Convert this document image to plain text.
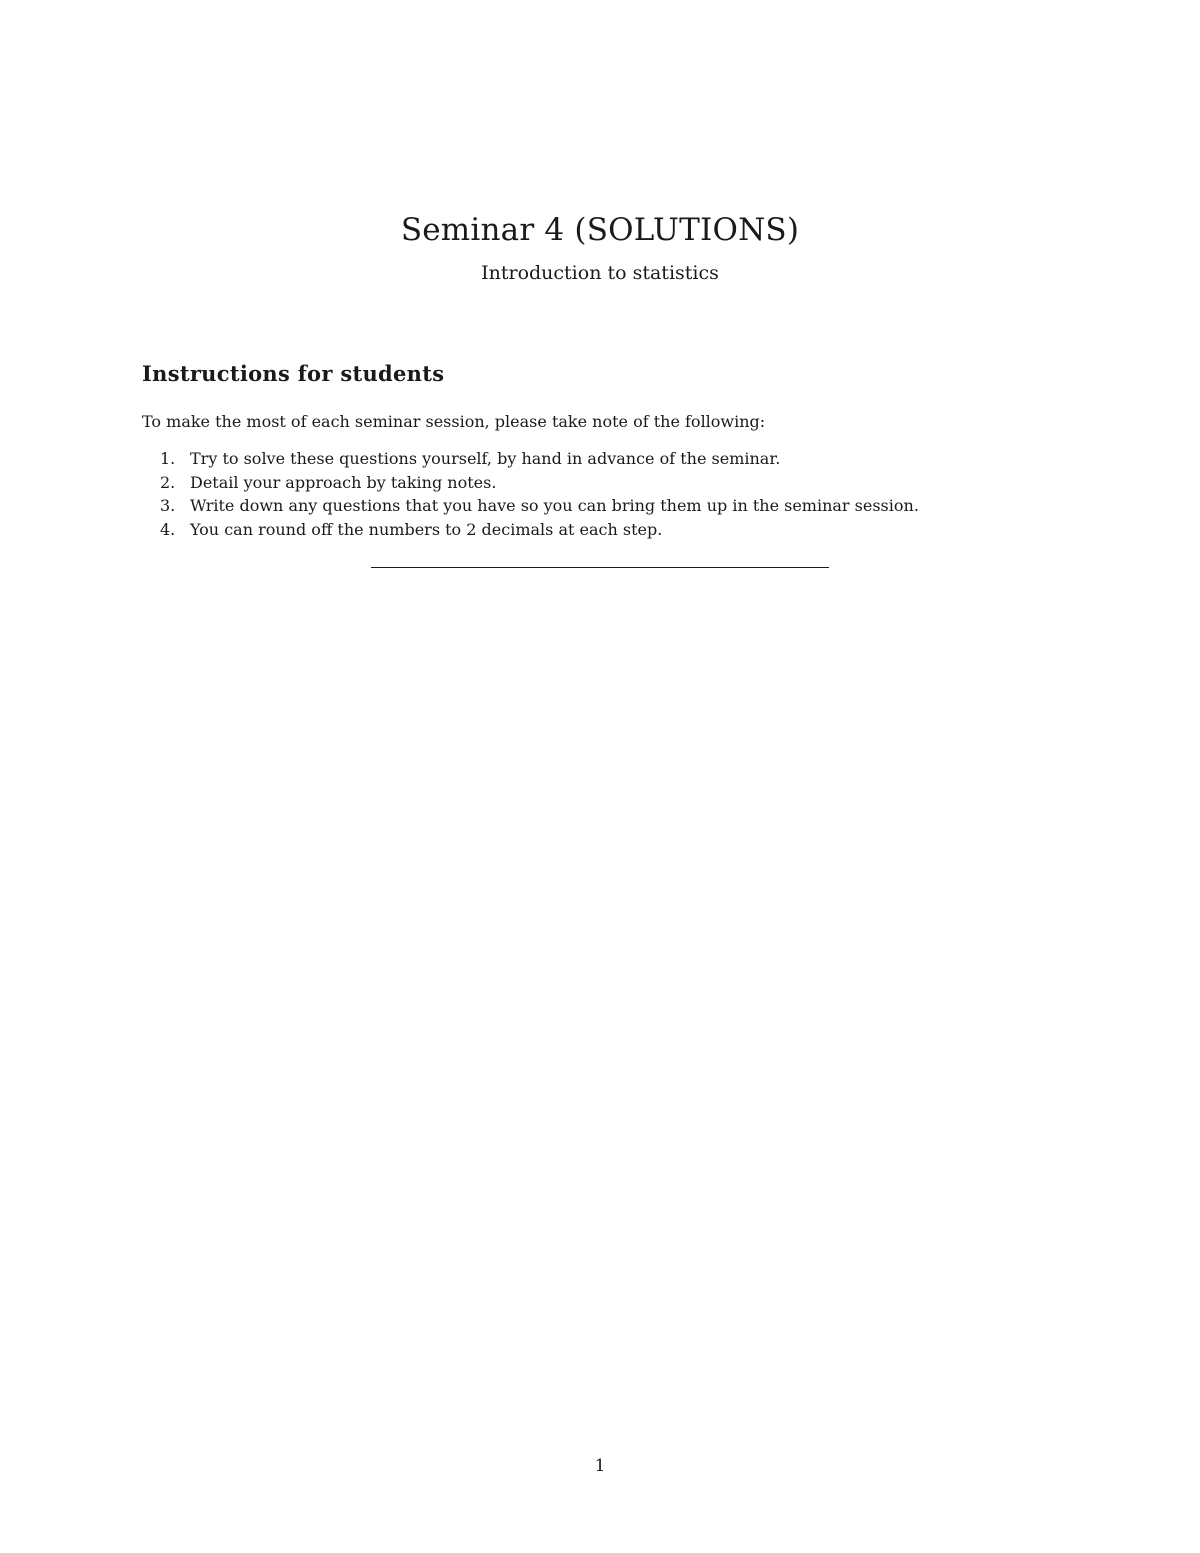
Seminar 4 (SOLUTIONS)
Introduction to statistics
Instructions for students

To make the most of each seminar session, please take note of the following:

1. Try to solve these questions yourself, by hand in advance of the seminar.
2. Detail your approach by taking notes.
3. Write down any questions that you have so you can bring them up in the seminar session.
4. You can round off the numbers to 2 decimals at each step.
1
